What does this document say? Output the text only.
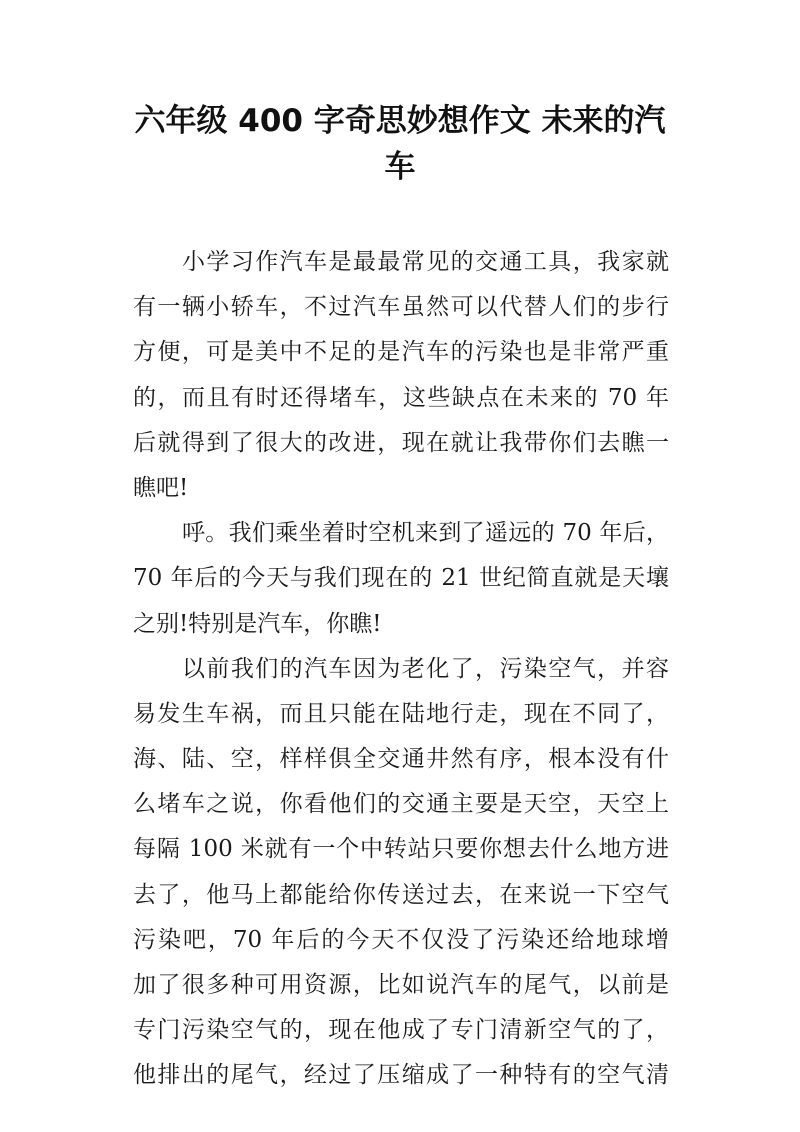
六年级 400 字奇思妙想作文 未来的汽
车
小学习作汽车是最最常见的交通工具，我家就
有一辆小轿车，不过汽车虽然可以代替人们的步行
方便，可是美中不足的是汽车的污染也是非常严重
的，而且有时还得堵车，这些缺点在未来的 70 年
后就得到了很大的改进，现在就让我带你们去瞧一
瞧吧!
呼。我们乘坐着时空机来到了遥远的 70 年后，
70 年后的今天与我们现在的 21 世纪简直就是天壤
之别!特别是汽车，你瞧!
以前我们的汽车因为老化了，污染空气，并容
易发生车祸，而且只能在陆地行走，现在不同了，
海、陆、空，样样俱全交通井然有序，根本没有什
么堵车之说，你看他们的交通主要是天空，天空上
每隔 100 米就有一个中转站只要你想去什么地方进
去了，他马上都能给你传送过去，在来说一下空气
污染吧，70 年后的今天不仅没了污染还给地球增
加了很多种可用资源，比如说汽车的尾气，以前是
专门污染空气的，现在他成了专门清新空气的了，
他排出的尾气，经过了压缩成了一种特有的空气清
